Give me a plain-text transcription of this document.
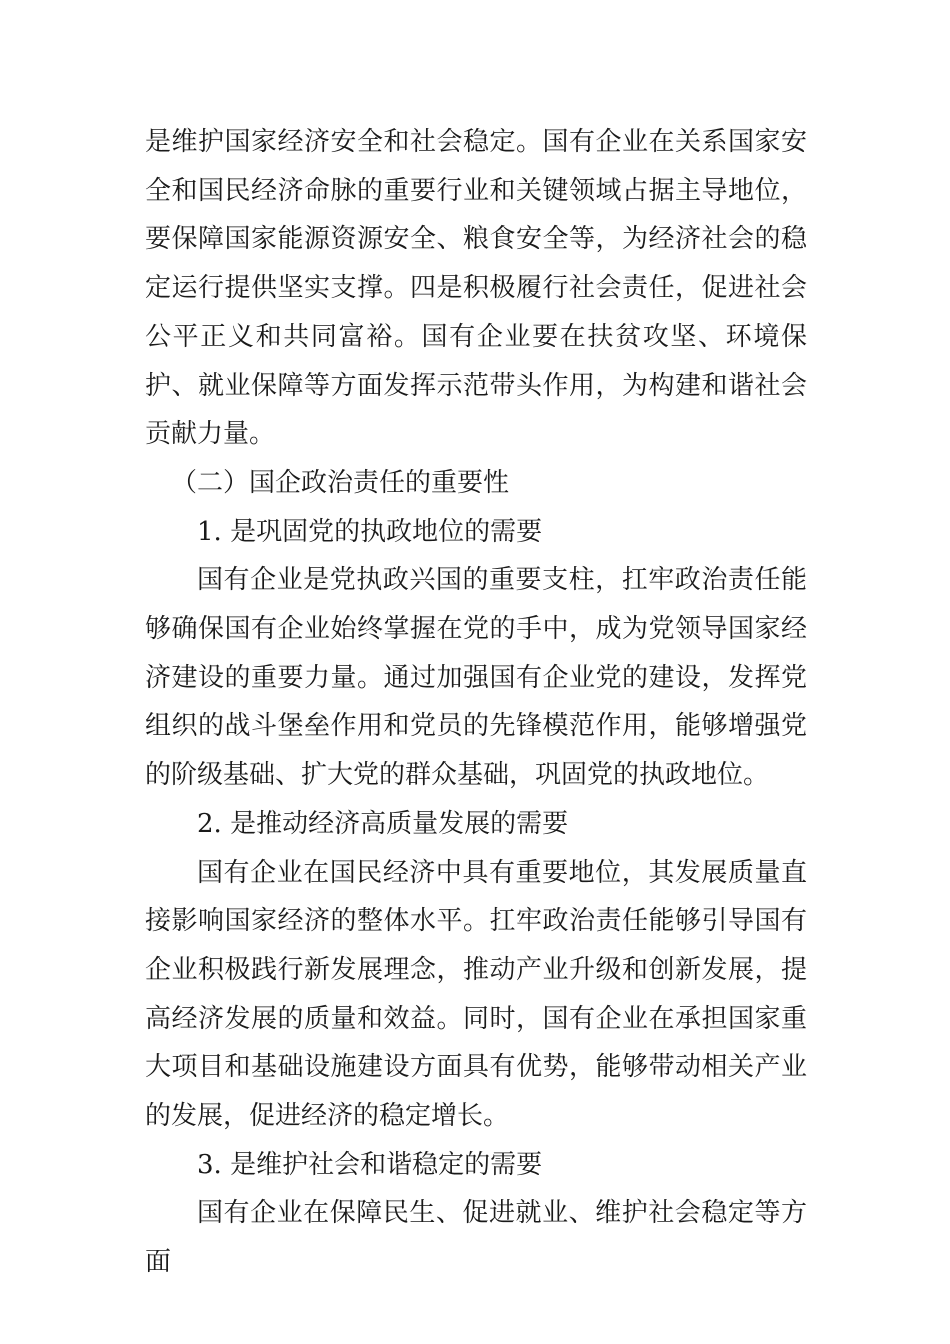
是维护国家经济安全和社会稳定。国有企业在关系国家安全和国民经济命脉的重要行业和关键领域占据主导地位，要保障国家能源资源安全、粮食安全等，为经济社会的稳定运行提供坚实支撑。四是积极履行社会责任，促进社会公平正义和共同富裕。国有企业要在扶贫攻坚、环境保护、就业保障等方面发挥示范带头作用，为构建和谐社会贡献力量。

（二）国企政治责任的重要性

1. 是巩固党的执政地位的需要

国有企业是党执政兴国的重要支柱，扛牢政治责任能够确保国有企业始终掌握在党的手中，成为党领导国家经济建设的重要力量。通过加强国有企业党的建设，发挥党组织的战斗堡垒作用和党员的先锋模范作用，能够增强党的阶级基础、扩大党的群众基础，巩固党的执政地位。

2. 是推动经济高质量发展的需要

国有企业在国民经济中具有重要地位，其发展质量直接影响国家经济的整体水平。扛牢政治责任能够引导国有企业积极践行新发展理念，推动产业升级和创新发展，提高经济发展的质量和效益。同时，国有企业在承担国家重大项目和基础设施建设方面具有优势，能够带动相关产业的发展，促进经济的稳定增长。

3. 是维护社会和谐稳定的需要

国有企业在保障民生、促进就业、维护社会稳定等方面
